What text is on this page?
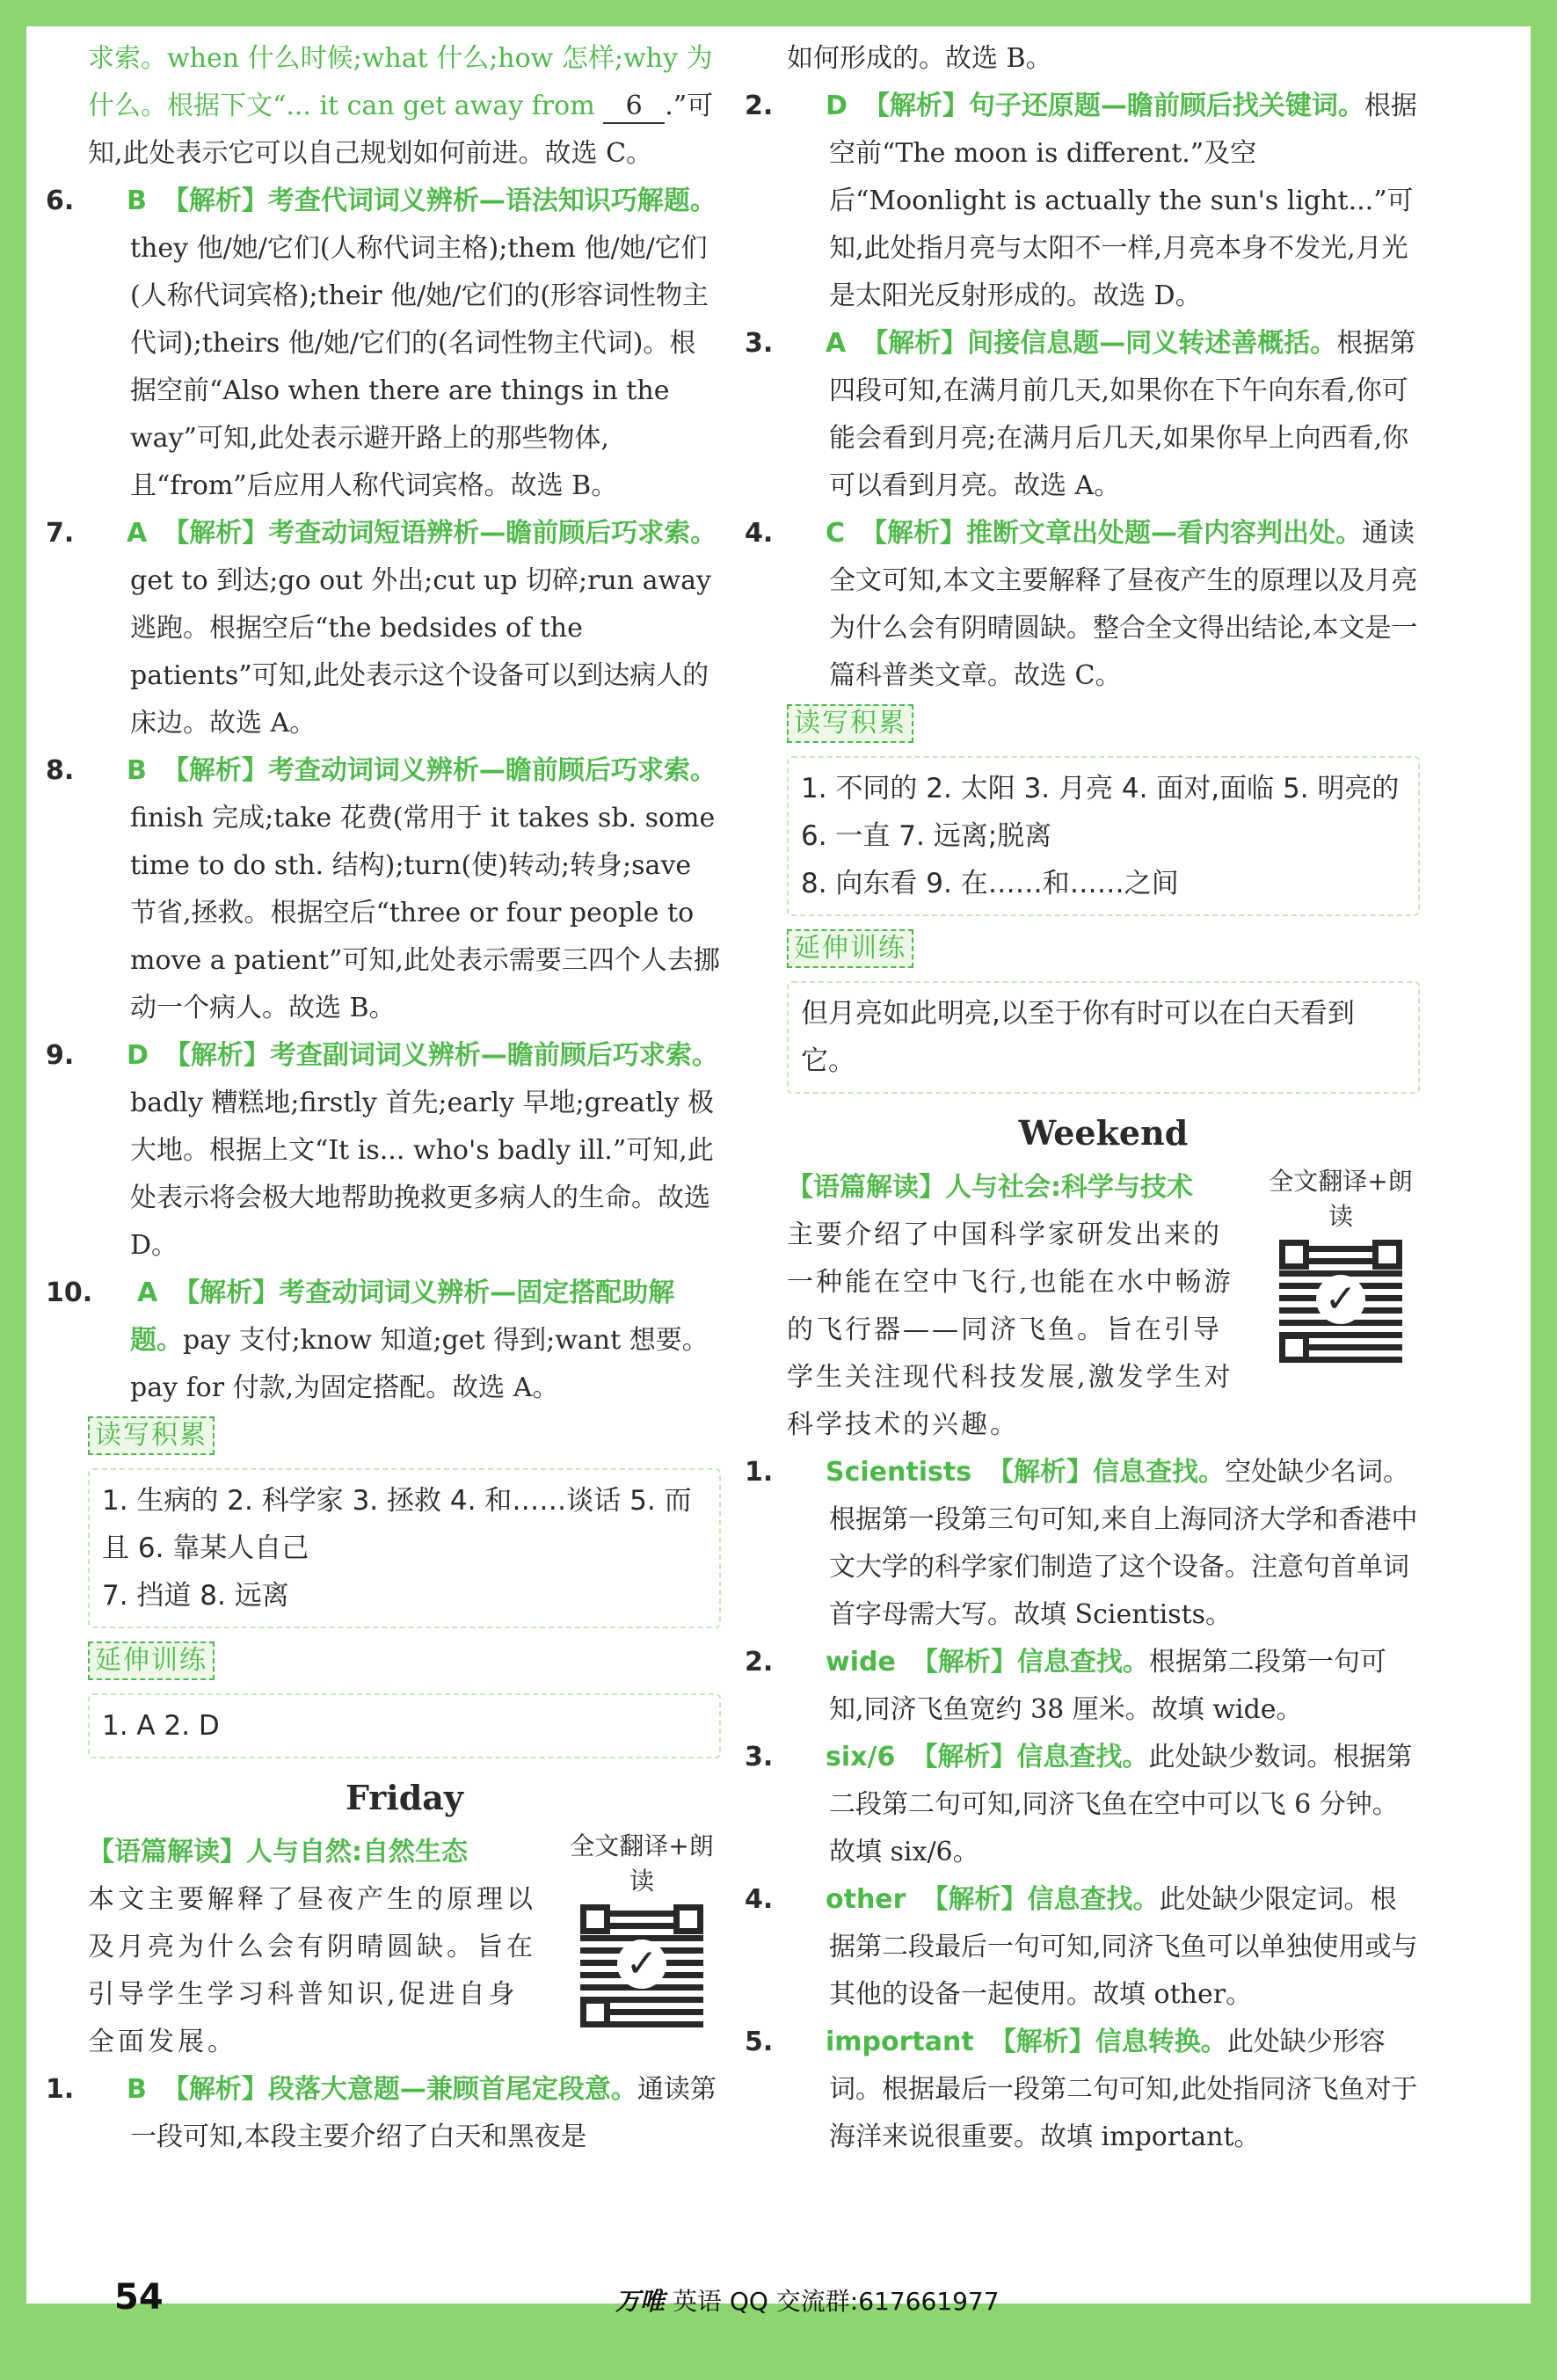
求索。when 什么时候;what 什么;how 怎样;why 为什么。根据下文“... it can get away from 6 .”可知,此处表示它可以自己规划如何前进。故选 C。
6. B 【解析】考查代词词义辨析—语法知识巧解题。they 他/她/它们(人称代词主格);them 他/她/它们(人称代词宾格);their 他/她/它们的(形容词性物主代词);theirs 他/她/它们的(名词性物主代词)。根据空前“Also when there are things in the way”可知,此处表示避开路上的那些物体,且“from”后应用人称代词宾格。故选 B。
7. A 【解析】考查动词短语辨析—瞻前顾后巧求索。get to 到达;go out 外出;cut up 切碎;run away 逃跑。根据空后“the bedsides of the patients”可知,此处表示这个设备可以到达病人的床边。故选 A。
8. B 【解析】考查动词词义辨析—瞻前顾后巧求索。finish 完成;take 花费(常用于 it takes sb. some time to do sth. 结构);turn(使)转动;转身;save 节省,拯救。根据空后“three or four people to move a patient”可知,此处表示需要三四个人去挪动一个病人。故选 B。
9. D 【解析】考查副词词义辨析—瞻前顾后巧求索。badly 糟糕地;firstly 首先;early 早地;greatly 极大地。根据上文“It is... who's badly ill.”可知,此处表示将会极大地帮助挽救更多病人的生命。故选 D。
10. A 【解析】考查动词词义辨析—固定搭配助解题。pay 支付;know 知道;get 得到;want 想要。pay for 付款,为固定搭配。故选 A。
读写积累
1. 生病的 2. 科学家 3. 拯救 4. 和……谈话 5. 而且 6. 靠某人自己
7. 挡道 8. 远离
延伸训练
1. A 2. D
Friday
全文翻译+朗读
✓
【语篇解读】人与自然:自然生态
本文主要解释了昼夜产生的原理以及月亮为什么会有阴晴圆缺。旨在引导学生学习科普知识,促进自身全面发展。
1. B 【解析】段落大意题—兼顾首尾定段意。通读第一段可知,本段主要介绍了白天和黑夜是
如何形成的。故选 B。
2. D 【解析】句子还原题—瞻前顾后找关键词。根据空前“The moon is different.”及空后“Moonlight is actually the sun's light...”可知,此处指月亮与太阳不一样,月亮本身不发光,月光是太阳光反射形成的。故选 D。
3. A 【解析】间接信息题—同义转述善概括。根据第四段可知,在满月前几天,如果你在下午向东看,你可能会看到月亮;在满月后几天,如果你早上向西看,你可以看到月亮。故选 A。
4. C 【解析】推断文章出处题—看内容判出处。通读全文可知,本文主要解释了昼夜产生的原理以及月亮为什么会有阴晴圆缺。整合全文得出结论,本文是一篇科普类文章。故选 C。
读写积累
1. 不同的 2. 太阳 3. 月亮 4. 面对,面临 5. 明亮的 6. 一直 7. 远离;脱离
8. 向东看 9. 在……和……之间
延伸训练
但月亮如此明亮,以至于你有时可以在白天看到它。
Weekend
全文翻译+朗读
✓
【语篇解读】人与社会:科学与技术
主要介绍了中国科学家研发出来的一种能在空中飞行,也能在水中畅游的飞行器——同济飞鱼。旨在引导学生关注现代科技发展,激发学生对科学技术的兴趣。
1. Scientists 【解析】信息查找。空处缺少名词。根据第一段第三句可知,来自上海同济大学和香港中文大学的科学家们制造了这个设备。注意句首单词首字母需大写。故填 Scientists。
2. wide 【解析】信息查找。根据第二段第一句可知,同济飞鱼宽约 38 厘米。故填 wide。
3. six/6 【解析】信息查找。此处缺少数词。根据第二段第二句可知,同济飞鱼在空中可以飞 6 分钟。故填 six/6。
4. other 【解析】信息查找。此处缺少限定词。根据第二段最后一句可知,同济飞鱼可以单独使用或与其他的设备一起使用。故填 other。
5. important 【解析】信息转换。此处缺少形容词。根据最后一段第二句可知,此处指同济飞鱼对于海洋来说很重要。故填 important。
54	万唯 英语 QQ 交流群:617661977
